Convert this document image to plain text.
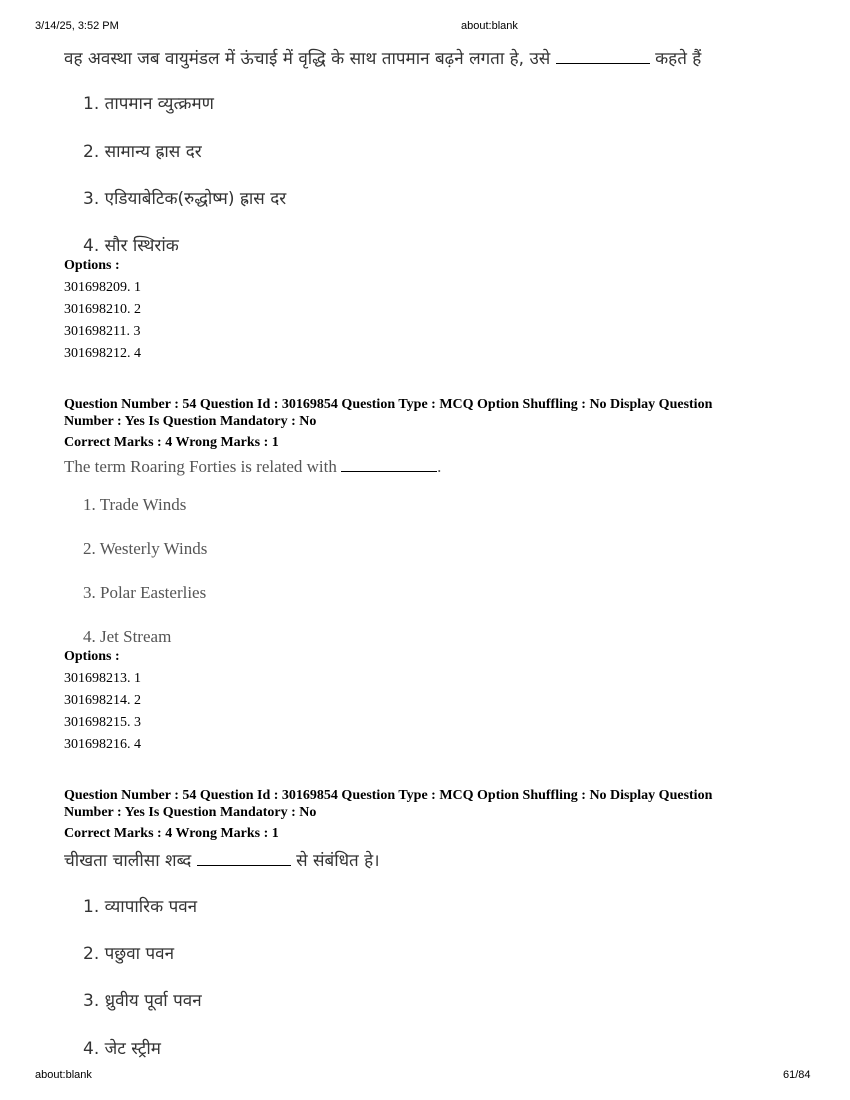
3/14/25, 3:52 PM	about:blank
वह अवस्था जब वायुमंडल में ऊंचाई में वृद्धि के साथ तापमान बढ़ने लगता हे, उसे	कहते हैं
1. तापमान व्युत्क्रमण
2. सामान्य ह्रास दर
3. एडियाबेटिक(रुद्धोष्म) ह्रास दर
4. सौर स्थिरांक
Options :
301698209. 1
301698210. 2
301698211. 3
301698212. 4
Question Number : 54 Question Id : 30169854 Question Type : MCQ Option Shuffling : No Display Question
Number : Yes Is Question Mandatory : No
Correct Marks : 4 Wrong Marks : 1
The term Roaring Forties is related with	.
1. Trade Winds
2. Westerly Winds
3. Polar Easterlies
4. Jet Stream
Options :
301698213. 1
301698214. 2
301698215. 3
301698216. 4
Question Number : 54 Question Id : 30169854 Question Type : MCQ Option Shuffling : No Display Question
Number : Yes Is Question Mandatory : No
Correct Marks : 4 Wrong Marks : 1
चीखता चालीसा शब्द	से संबंधित हे।
1. व्यापारिक पवन
2. पछुवा पवन
3. ध्रुवीय पूर्वा पवन
4. जेट स्ट्रीम
about:blank	61/84
